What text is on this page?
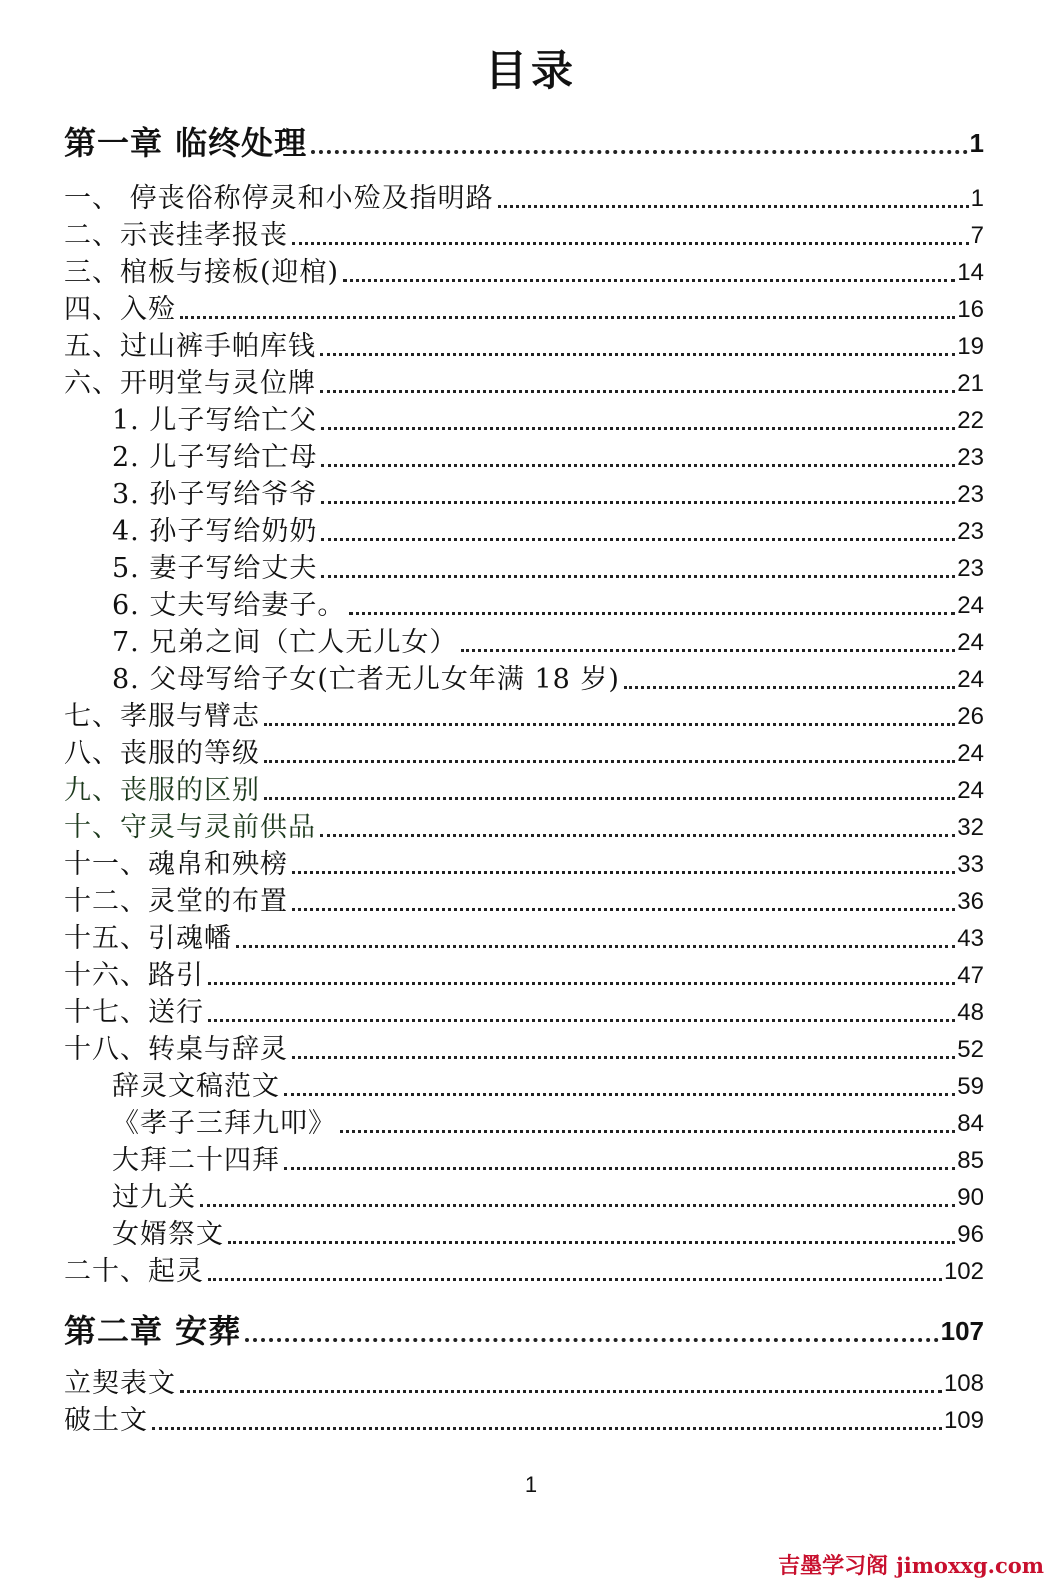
目录
第一章 临终处理	1
一、 停丧俗称停灵和小殓及指明路	1
二、示丧挂孝报丧	7
三、棺板与接板(迎棺)	14
四、入殓	16
五、过山裤手帕库钱	19
六、开明堂与灵位牌	21
1. 儿子写给亡父	22
2. 儿子写给亡母	23
3. 孙子写给爷爷	23
4. 孙子写给奶奶	23
5. 妻子写给丈夫	23
6. 丈夫写给妻子。	24
7. 兄弟之间（亡人无儿女）	24
8. 父母写给子女(亡者无儿女年满 18 岁)	24
七、孝服与臂志	26
八、丧服的等级	24
九、丧服的区别	24
十、守灵与灵前供品	32
十一、魂帛和殃榜	33
十二、灵堂的布置	36
十五、引魂幡	43
十六、路引	47
十七、送行	48
十八、转桌与辞灵	52
辞灵文稿范文	59
《孝子三拜九叩》	84
大拜二十四拜	85
过九关	90
女婿祭文	96
二十、起灵	102
第二章 安葬	107
立契表文	108
破土文	109
1
吉墨学习阁 jimoxxg.com
